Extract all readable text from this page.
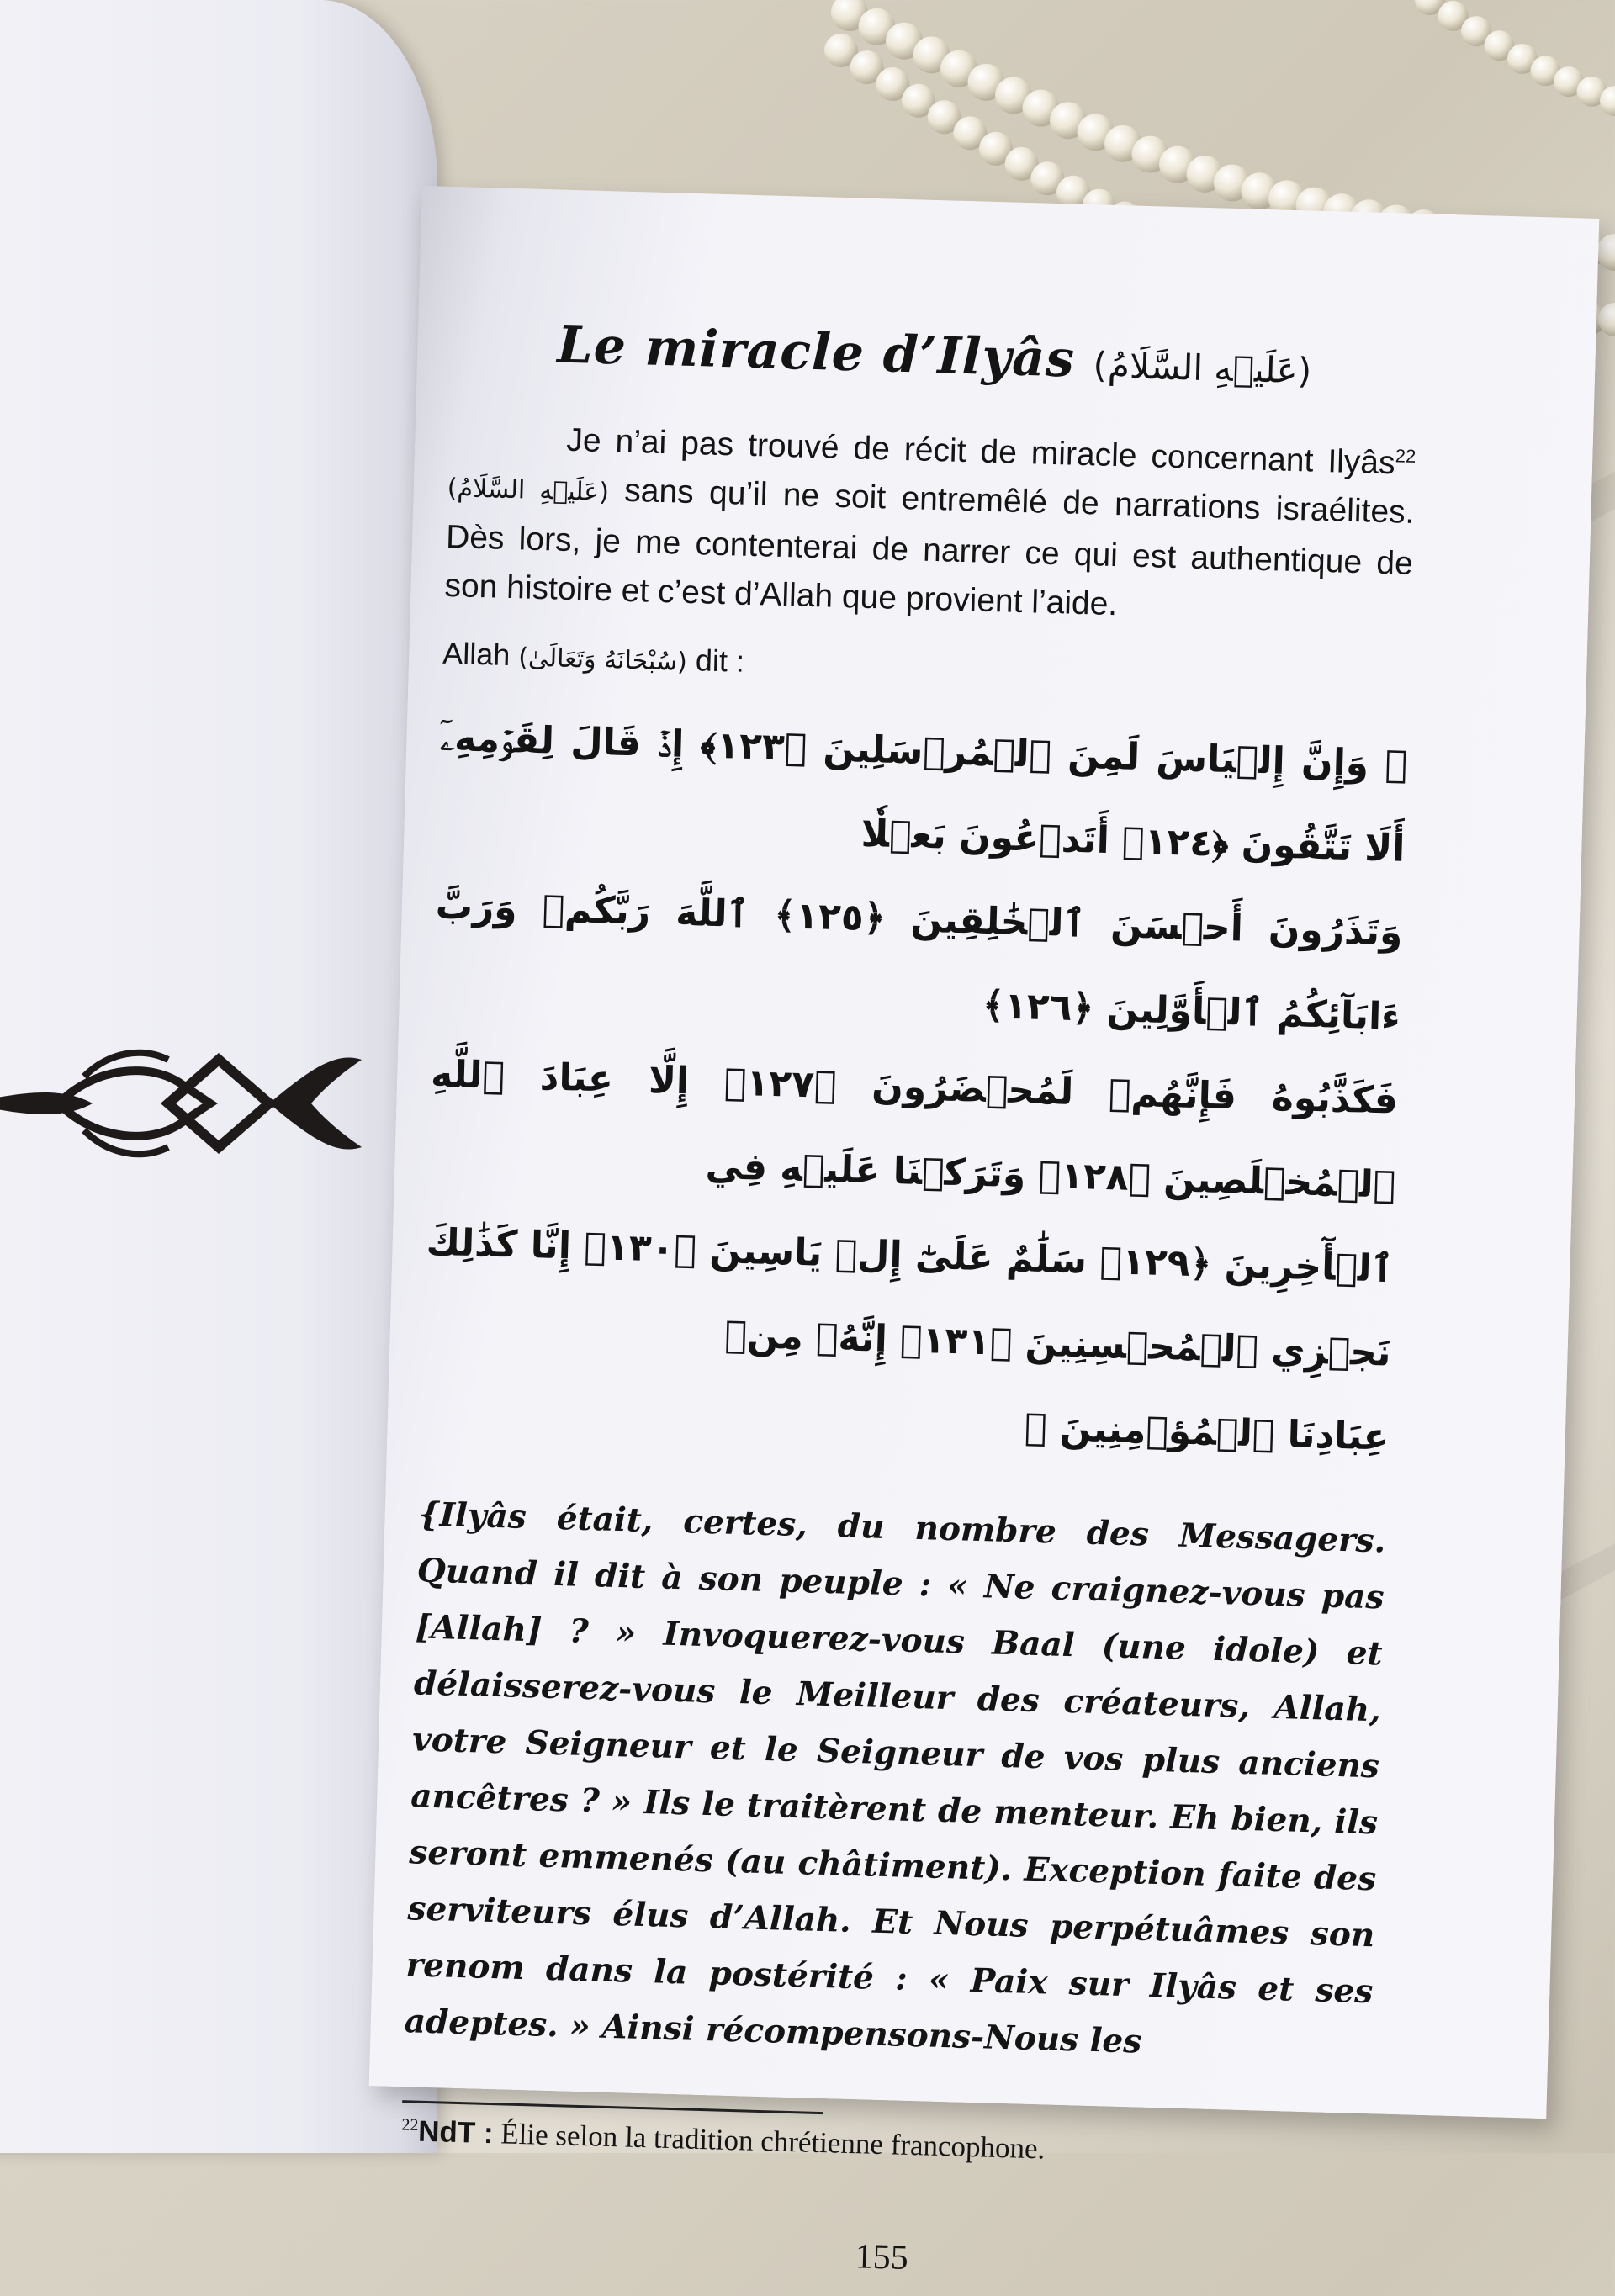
Le miracle d’Ilyâs (عَلَيۡهِ السَّلَامُ)

Je n’ai pas trouvé de récit de miracle concernant Ilyâs$^{22}$ (عَلَيۡهِ السَّلَامُ) sans qu’il ne soit entremêlé de narrations israélites. Dès lors, je me contenterai de narrer ce qui est authentique de son histoire et c’est d’Allah que provient l’aide.

Allah (سُبْحَانَهُ وَتَعَالَىٰ) dit :
﴿ وَإِنَّ إِلۡيَاسَ لَمِنَ ٱلۡمُرۡسَلِينَ ﴿١٢٣﴾ إِذۡ قَالَ لِقَوۡمِهِۦٓ أَلَا تَتَّقُونَ ﴿١٢٤﴾ أَتَدۡعُونَ بَعۡلٗا
وَتَذَرُونَ أَحۡسَنَ ٱلۡخَٰلِقِينَ ﴿١٢٥﴾ ٱللَّهَ رَبَّكُمۡ وَرَبَّ ءَابَآئِكُمُ ٱلۡأَوَّلِينَ ﴿١٢٦﴾
فَكَذَّبُوهُ فَإِنَّهُمۡ لَمُحۡضَرُونَ ﴿١٢٧﴾ إِلَّا عِبَادَ ٱللَّهِ ٱلۡمُخۡلَصِينَ ﴿١٢٨﴾ وَتَرَكۡنَا عَلَيۡهِ فِي
ٱلۡأٓخِرِينَ ﴿١٢٩﴾ سَلَٰمٌ عَلَىٰٓ إِلۡ يَاسِينَ ﴿١٣٠﴾ إِنَّا كَذَٰلِكَ نَجۡزِي ٱلۡمُحۡسِنِينَ ﴿١٣١﴾ إِنَّهُۥ مِنۡ
عِبَادِنَا ٱلۡمُؤۡمِنِينَ ﴾

{Ilyâs était, certes, du nombre des Messagers. Quand il dit à son peuple : « Ne craignez-vous pas [Allah] ? » Invoquerez-vous Baal (une idole) et délaisserez-vous le Meilleur des créateurs, Allah, votre Seigneur et le Seigneur de vos plus anciens ancêtres ? » Ils le traitèrent de menteur. Eh bien, ils seront emmenés (au châtiment). Exception faite des serviteurs élus d’Allah. Et Nous perpétuâmes son renom dans la postérité : « Paix sur Ilyâs et ses adeptes. » Ainsi récompensons-Nous les

$^{22}$NdT : Élie selon la tradition chrétienne francophone.

155
